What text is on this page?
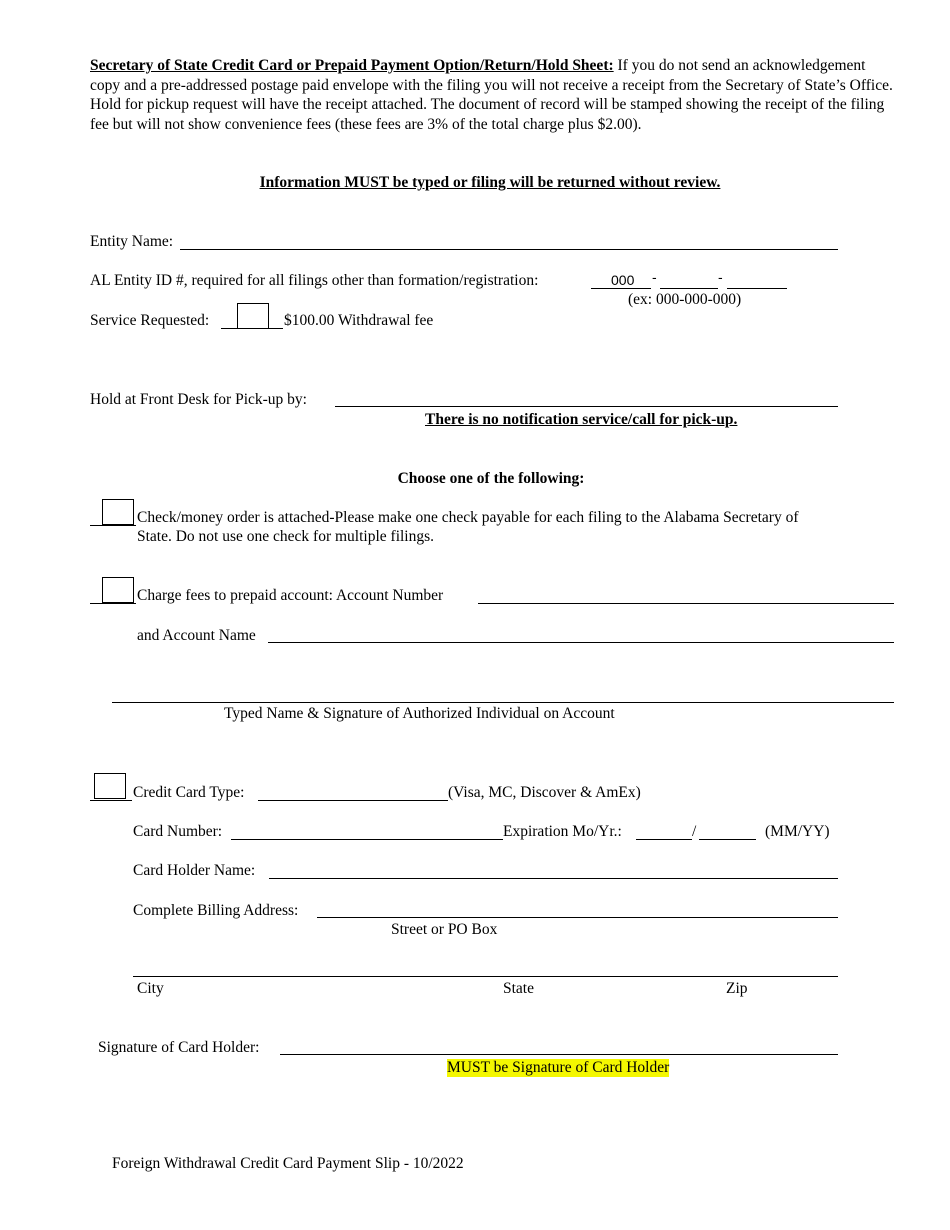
Secretary of State Credit Card or Prepaid Payment Option/Return/Hold Sheet: If you do not send an acknowledgement copy and a pre-addressed postage paid envelope with the filing you will not receive a receipt from the Secretary of State’s Office. Hold for pickup request will have the receipt attached. The document of record will be stamped showing the receipt of the filing fee but will not show convenience fees (these fees are 3% of the total charge plus $2.00).
Information MUST be typed or filing will be returned without review.
Entity Name:
AL Entity ID #, required for all filings other than formation/registration:	000 -	-
(ex: 000-000-000)
Service Requested:	$100.00 Withdrawal fee
Hold at Front Desk for Pick-up by:
There is no notification service/call for pick-up.
Choose one of the following:
Check/money order is attached-Please make one check payable for each filing to the Alabama Secretary of
State. Do not use one check for multiple filings.
Charge fees to prepaid account: Account Number
and Account Name
Typed Name & Signature of Authorized Individual on Account
Credit Card Type:	(Visa, MC, Discover & AmEx)
Card Number:	Expiration Mo/Yr.:	/	(MM/YY)
Card Holder Name:
Complete Billing Address:
Street or PO Box
City	State	Zip
Signature of Card Holder:
MUST be Signature of Card Holder
Foreign Withdrawal Credit Card Payment Slip - 10/2022
